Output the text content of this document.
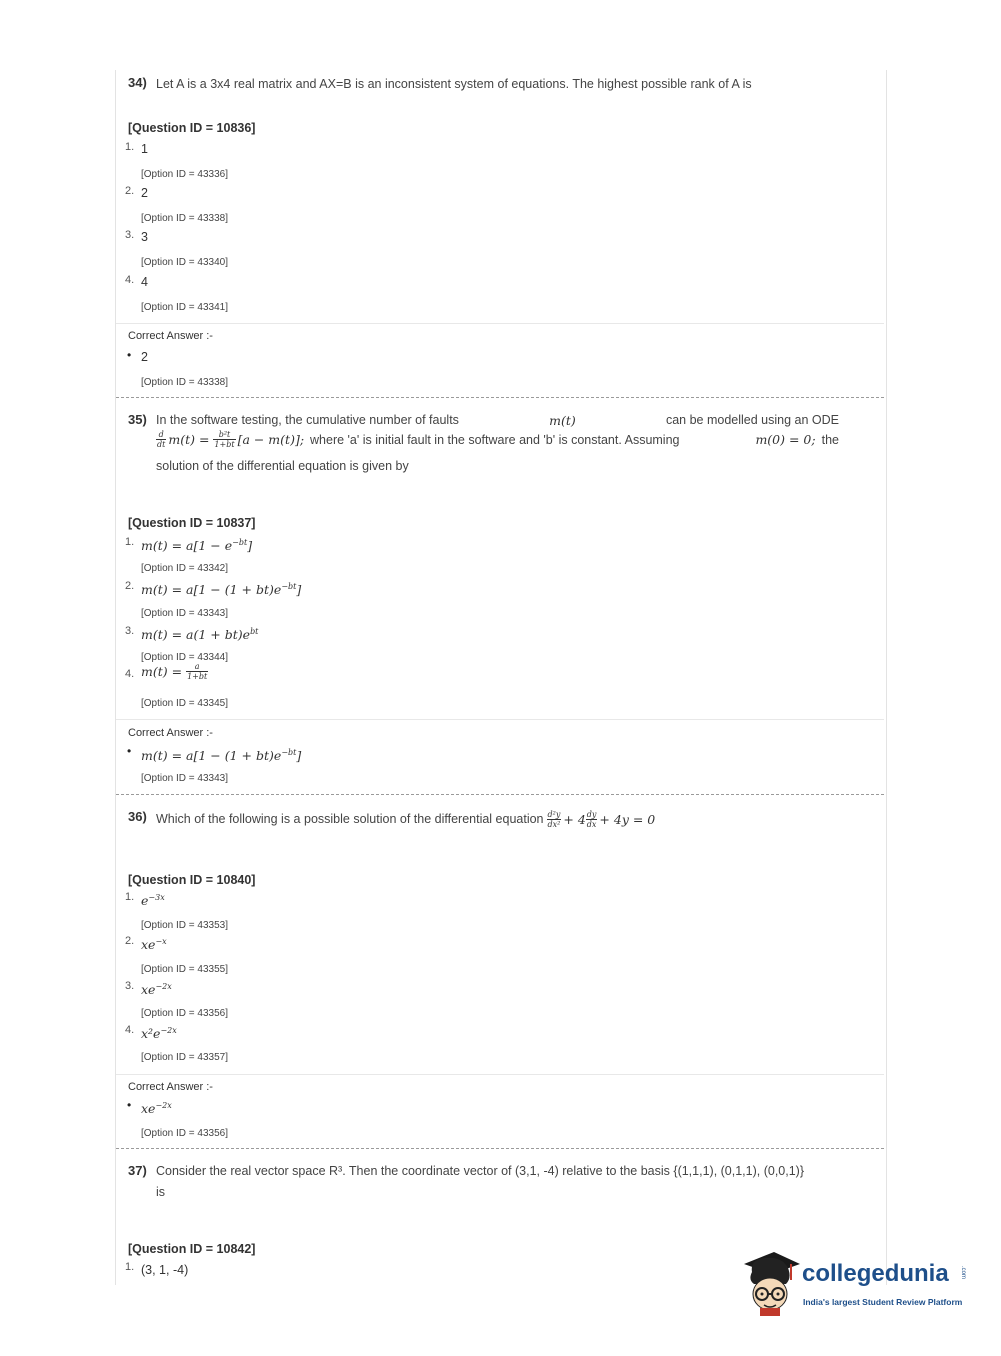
34) Let A is a 3x4 real matrix and AX=B is an inconsistent system of equations. The highest possible rank of A is
[Question ID = 10836]
1. 1
[Option ID = 43336]
2. 2
[Option ID = 43338]
3. 3
[Option ID = 43340]
4. 4
[Option ID = 43341]
Correct Answer :-
• 2
[Option ID = 43338]
35) In the software testing, the cumulative number of faults	m(t)	can be modelled using an ODE
$\frac{d}{dt} m(t) = \frac{\text{b²t}}{1+bt} [a - m(t)]$; where 'a' is initial fault in the software and 'b' is constant. Assuming	m(0) = 0; the
solution of the differential equation is given by
[Question ID = 10837]
1. $m(t) = a[1 - e^{-bt}]$
[Option ID = 43342]
2. $m(t) = a[1 - (1 + bt)e^{-bt}]$
[Option ID = 43343]
3. $m(t) = a(1 + bt)e^{bt}$
[Option ID = 43344]
4. $m(t) = \frac{a}{1+bt}$
[Option ID = 43345]
Correct Answer :-
• $m(t) = a[1 - (1 + bt)e^{-bt}]$
[Option ID = 43343]
36) Which of the following is a possible solution of the differential equation $\frac{\text{d²y}}{\text{dx²}} + 4 \frac{dy}{dx} + 4y = 0$
[Question ID = 10840]
1. $e^{-3x}$
[Option ID = 43353]
2. $xe^{-x}$
[Option ID = 43355]
3. $xe^{-2x}$
[Option ID = 43356]
4. $x^2e^{-2x}$
[Option ID = 43357]
Correct Answer :-
• $xe^{-2x}$
[Option ID = 43356]
37) Consider the real vector space R³. Then the coordinate vector of (3,1, -4) relative to the basis {(1,1,1), (0,1,1), (0,0,1)}
is
[Question ID = 10842]
1. (3, 1, -4)	collegedunia .com
India's largest Student Review Platform
